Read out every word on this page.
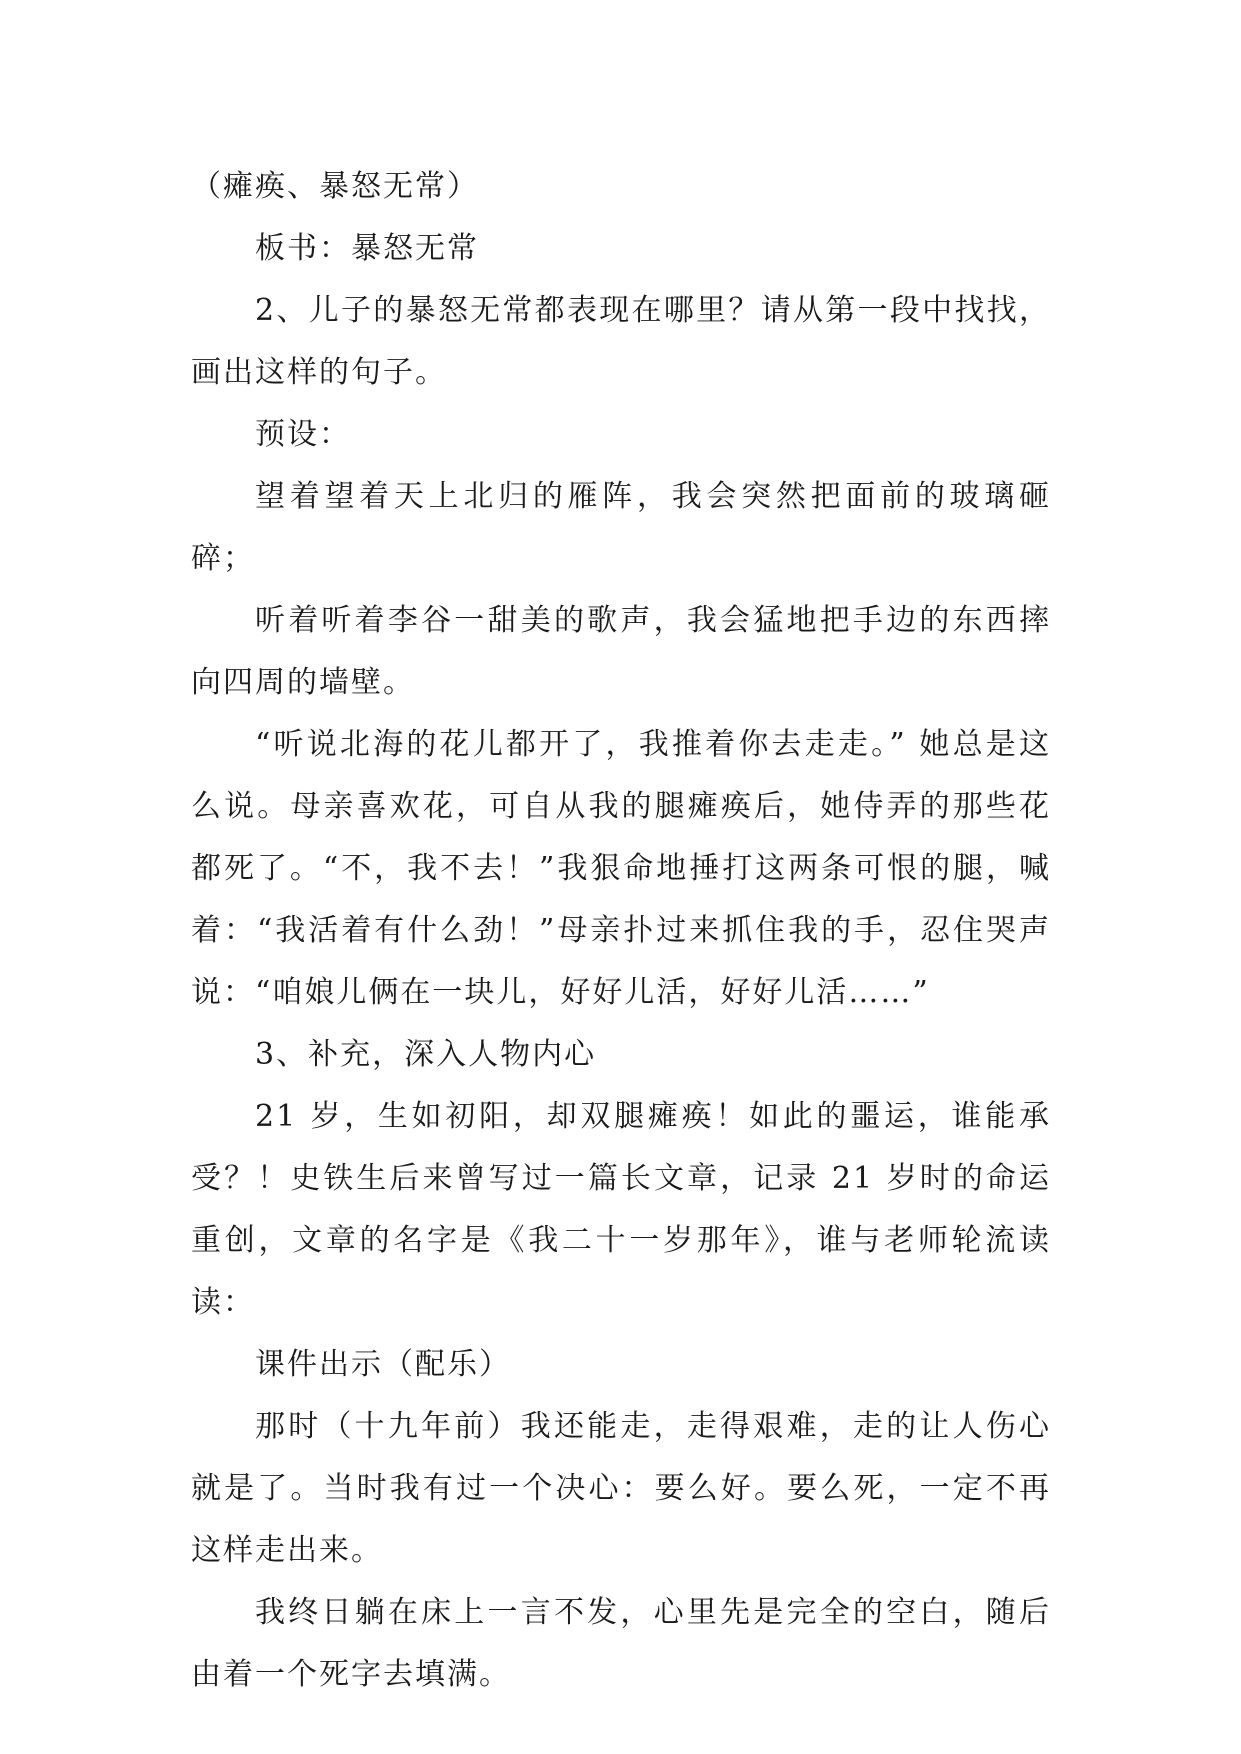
（瘫痪、暴怒无常）

板书：暴怒无常

2、儿子的暴怒无常都表现在哪里？请从第一段中找找，画出这样的句子。

预设：

望着望着天上北归的雁阵，我会突然把面前的玻璃砸碎；

听着听着李谷一甜美的歌声，我会猛地把手边的东西摔向四周的墙壁。

“听说北海的花儿都开了，我推着你去走走。” 她总是这么说。母亲喜欢花，可自从我的腿瘫痪后，她侍弄的那些花都死了。“不，我不去！”我狠命地捶打这两条可恨的腿，喊着：“我活着有什么劲！”母亲扑过来抓住我的手，忍住哭声说：“咱娘儿俩在一块儿，好好儿活，好好儿活……”

3、补充，深入人物内心

21 岁，生如初阳，却双腿瘫痪！如此的噩运，谁能承受？！史铁生后来曾写过一篇长文章，记录 21 岁时的命运重创，文章的名字是《我二十一岁那年》，谁与老师轮流读读：

课件出示（配乐）

那时（十九年前）我还能走，走得艰难，走的让人伤心就是了。当时我有过一个决心：要么好。要么死，一定不再这样走出来。

我终日躺在床上一言不发，心里先是完全的空白，随后由着一个死字去填满。
